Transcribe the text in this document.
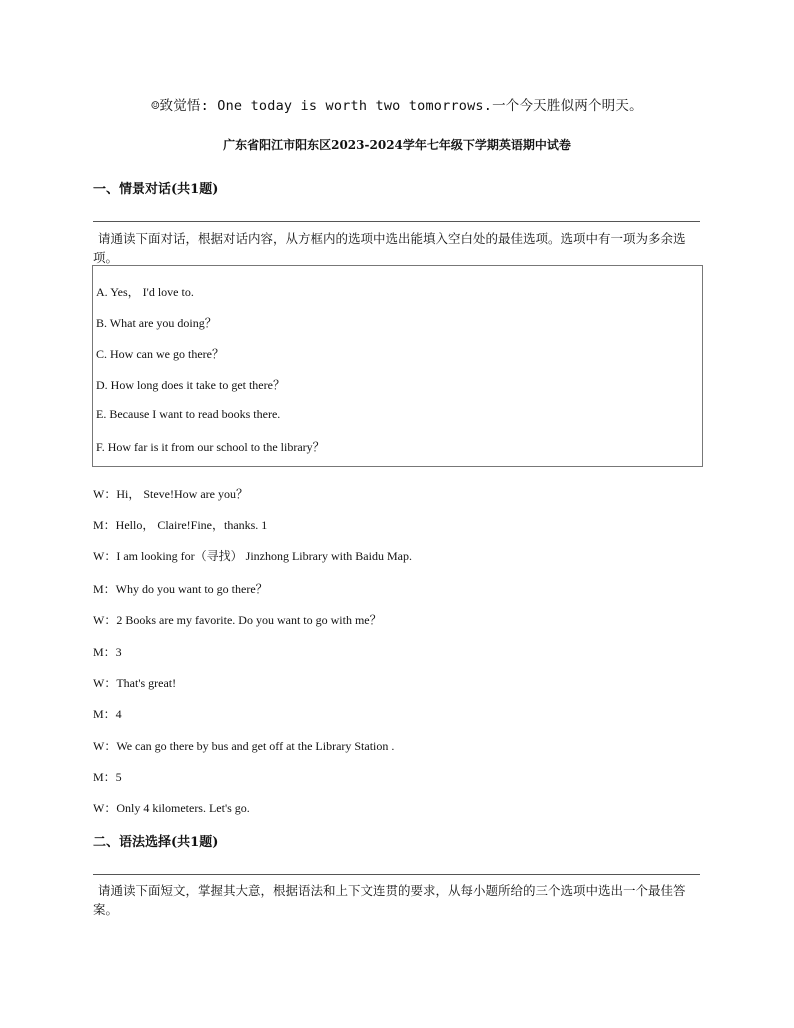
☺致觉悟: One today is worth two tomorrows.一个今天胜似两个明天。
广东省阳江市阳东区2023-2024学年七年级下学期英语期中试卷
一、情景对话(共1题)
请通读下面对话，根据对话内容，从方框内的选项中选出能填入空白处的最佳选项。选项中有一项为多余选项。
A. Yes， I'd love to.
B. What are you doing？
C. How can we go there？
D. How long does it take to get there？
E. Because I want to read books there.
F. How far is it from our school to the library？
W：Hi， Steve!How are you？
M：Hello， Claire!Fine，thanks. 1
W：I am looking for（寻找） Jinzhong Library with Baidu Map.
M：Why do you want to go there？
W：2 Books are my favorite. Do you want to go with me？
M：3
W：That's great!
M：4
W：We can go there by bus and get off at the Library Station .
M：5
W：Only 4 kilometers. Let's go.
二、语法选择(共1题)
请通读下面短文，掌握其大意，根据语法和上下文连贯的要求，从每小题所给的三个选项中选出一个最佳答案。
